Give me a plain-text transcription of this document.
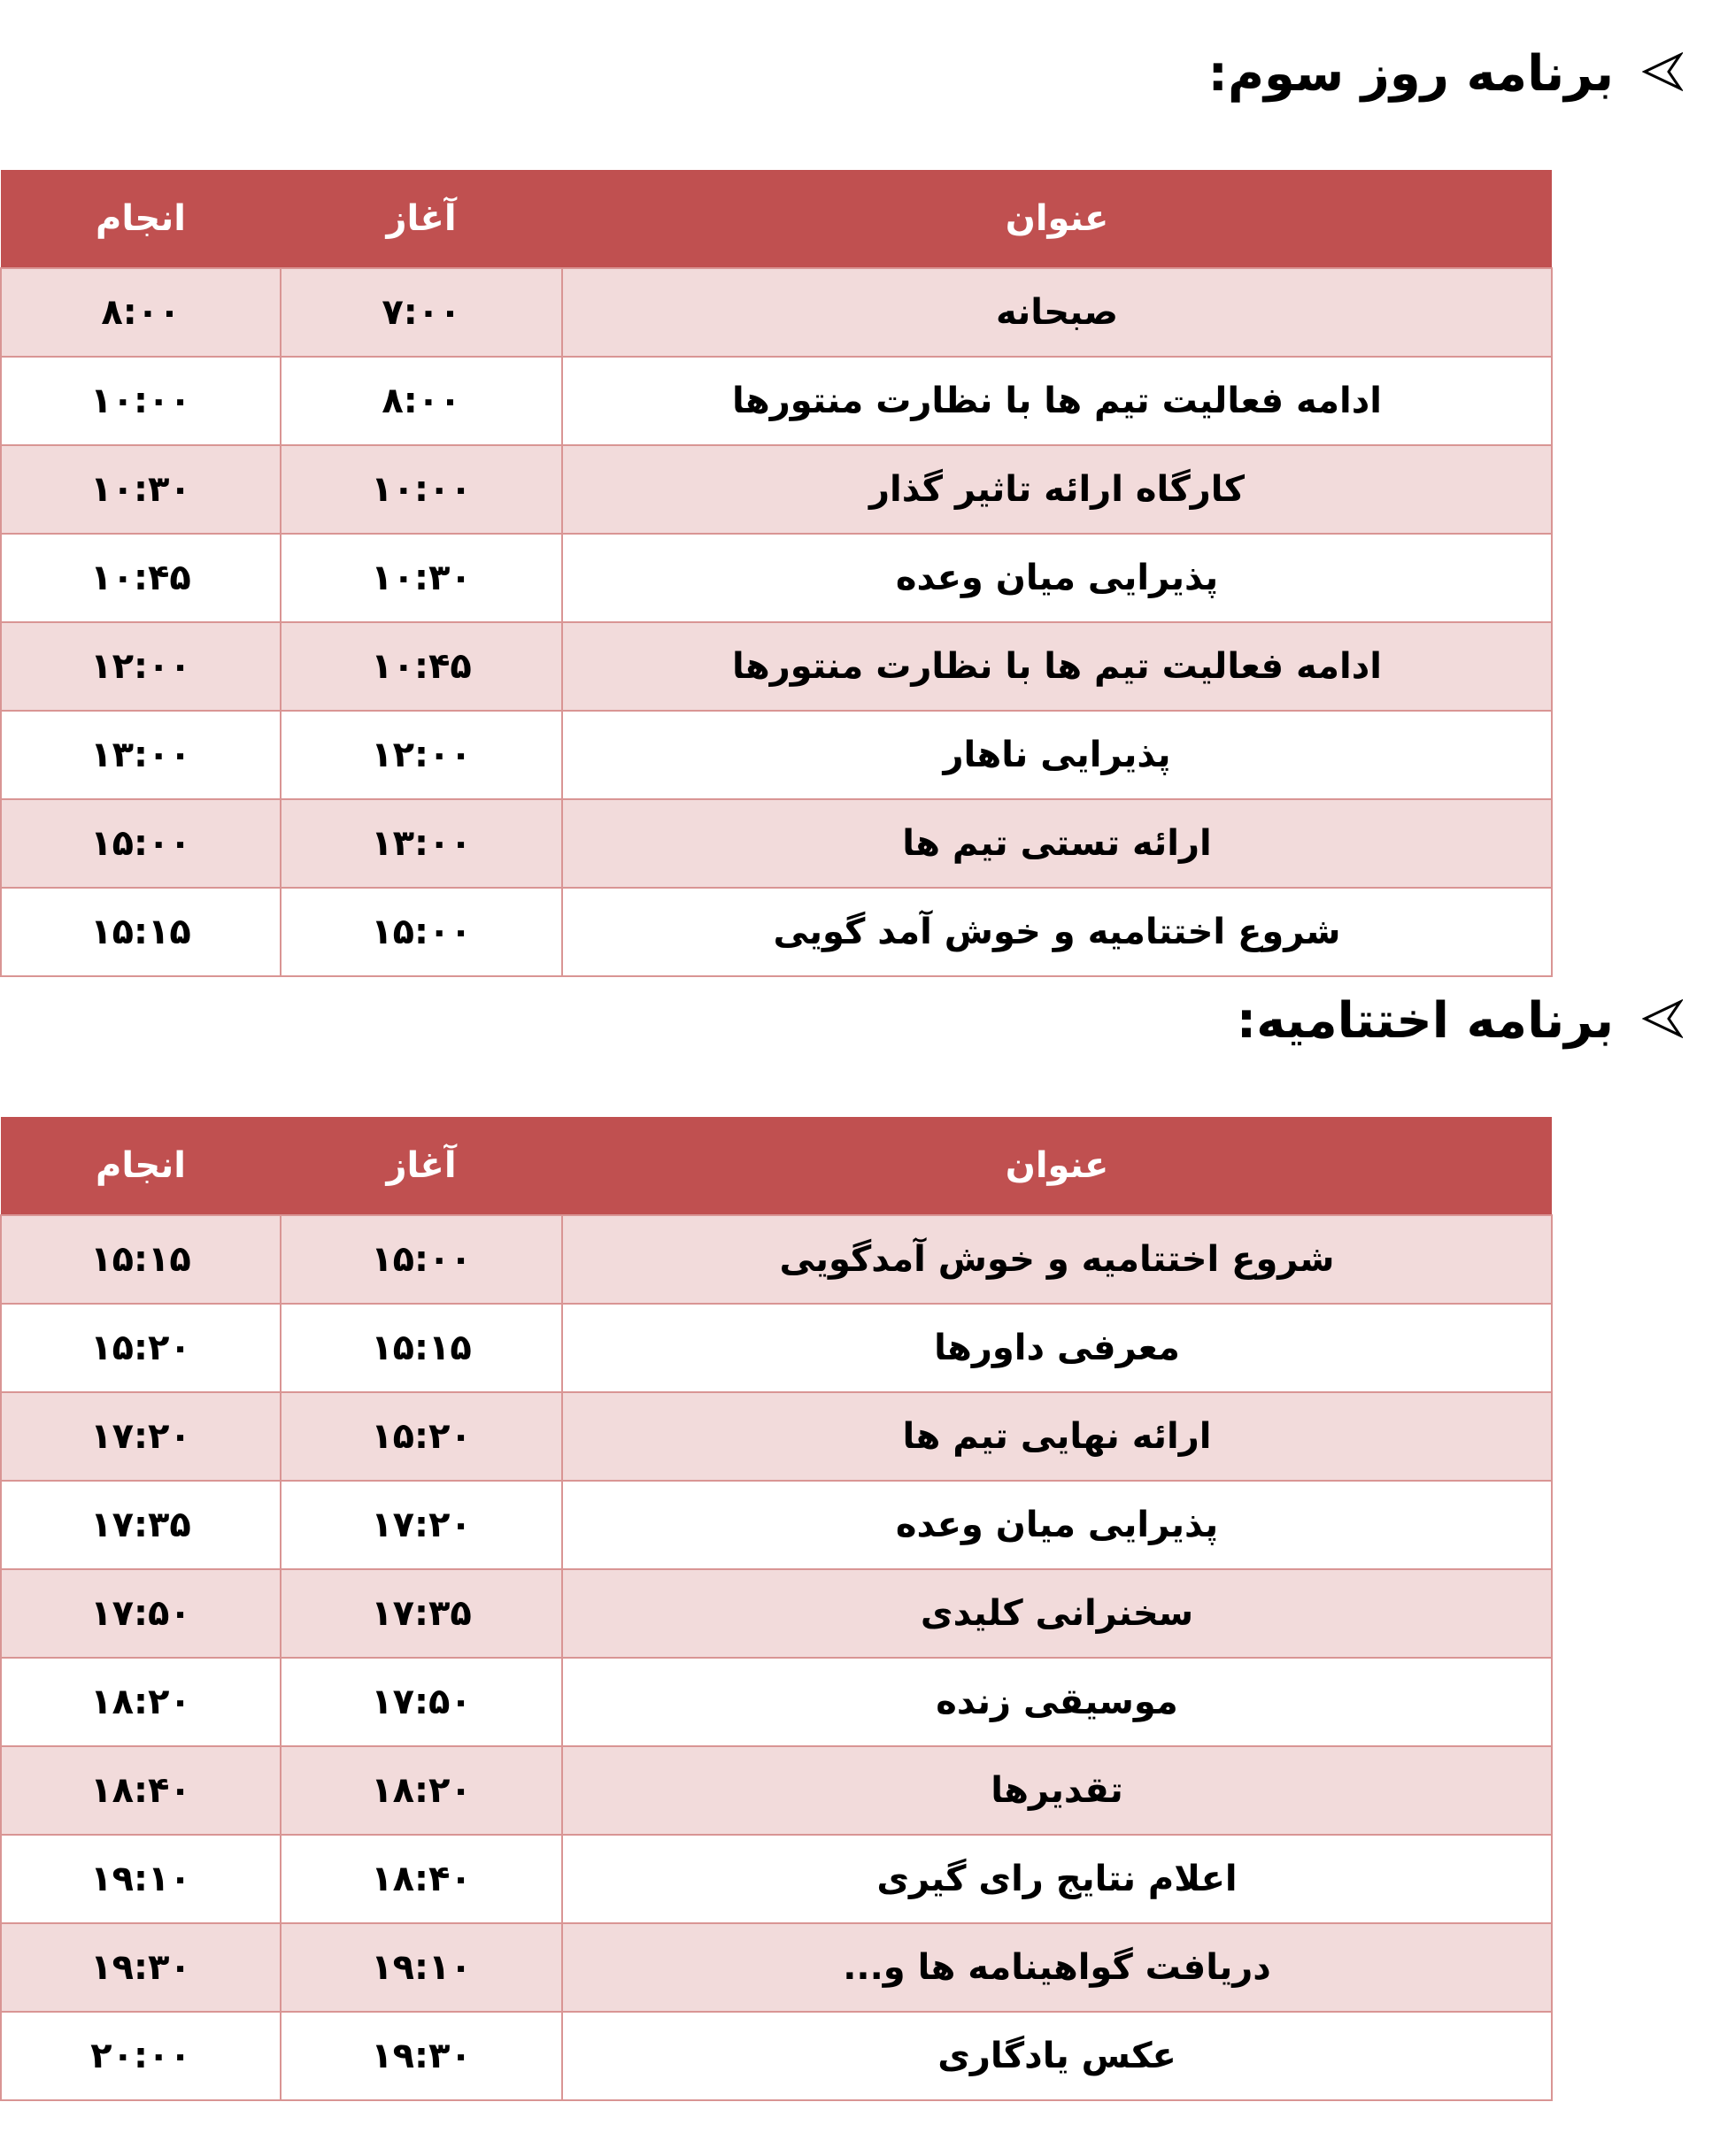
برنامه روز سوم:
انجام	آغاز	عنوان
۸:۰۰	۷:۰۰	صبحانه
۱۰:۰۰	۸:۰۰	ادامه فعالیت تیم ها با نظارت منتورها
۱۰:۳۰	۱۰:۰۰	کارگاه ارائه تاثیر گذار
۱۰:۴۵	۱۰:۳۰	پذیرایی میان وعده
۱۲:۰۰	۱۰:۴۵	ادامه فعالیت تیم ها با نظارت منتورها
۱۳:۰۰	۱۲:۰۰	پذیرایی ناهار
۱۵:۰۰	۱۳:۰۰	ارائه تستی تیم ها
۱۵:۱۵	۱۵:۰۰	شروع اختتامیه و خوش آمد گویی
برنامه اختتامیه:
انجام	آغاز	عنوان
۱۵:۱۵	۱۵:۰۰	شروع اختتامیه و خوش آمدگویی
۱۵:۲۰	۱۵:۱۵	معرفی داورها
۱۷:۲۰	۱۵:۲۰	ارائه نهایی تیم ها
۱۷:۳۵	۱۷:۲۰	پذیرایی میان وعده
۱۷:۵۰	۱۷:۳۵	سخنرانی کلیدی
۱۸:۲۰	۱۷:۵۰	موسیقی زنده
۱۸:۴۰	۱۸:۲۰	تقدیرها
۱۹:۱۰	۱۸:۴۰	اعلام نتایج رای گیری
۱۹:۳۰	۱۹:۱۰	دریافت گواهینامه ها و...
۲۰:۰۰	۱۹:۳۰	عکس یادگاری
